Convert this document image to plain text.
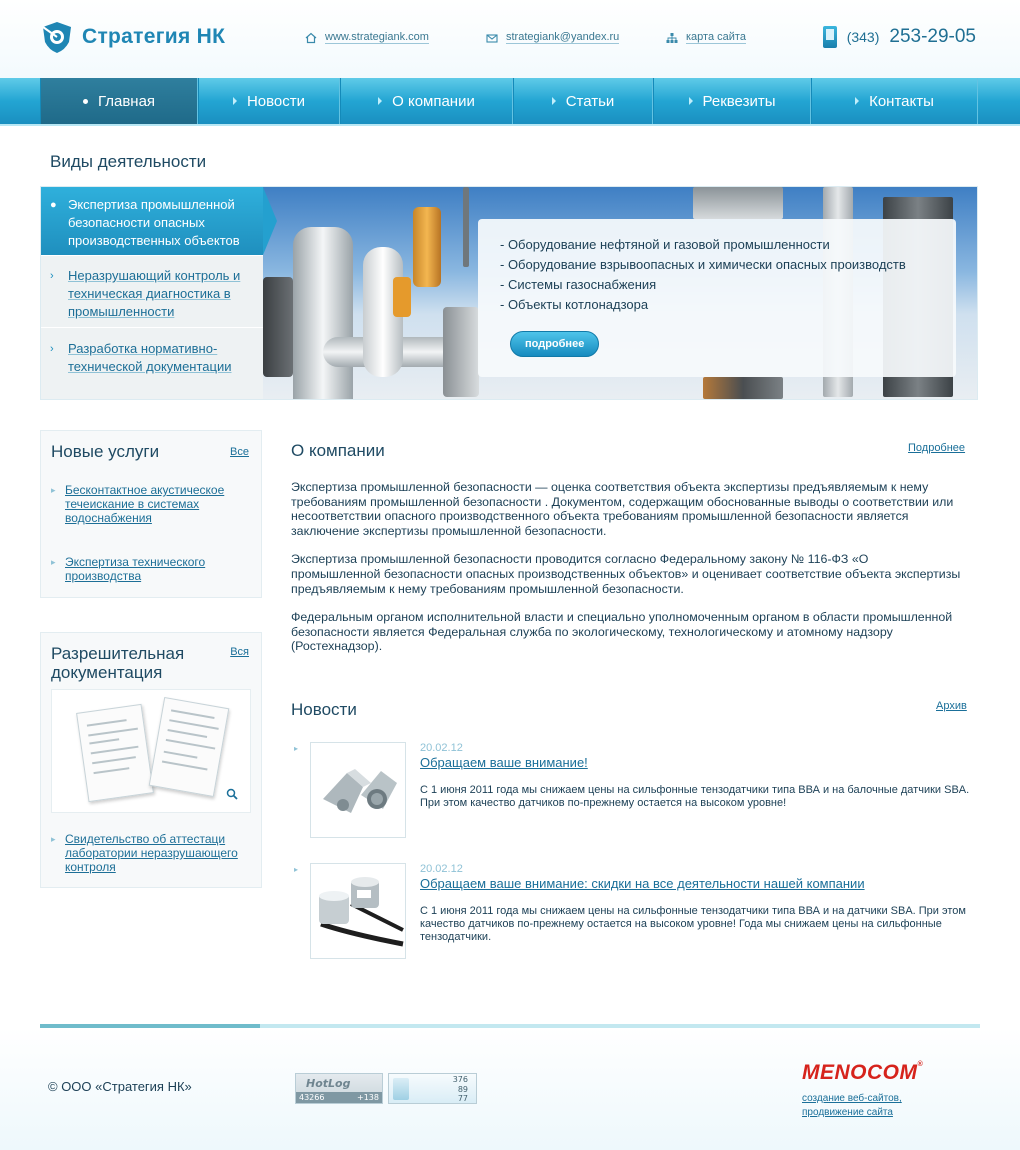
Стратегия НК	www.strategiank.com	strategiank@yandex.ru	карта сайта	(343) 253-29-05
Главная	Новости	О компании	Статьи	Реквезиты	Контакты
Виды деятельности
● Экспертиза промышленной безопасности опасных производственных объектов
› Неразрушающий контроль и техническая диагностика в промышленности
› Разработка нормативно-технической документации
- Оборудование нефтяной и газовой промышленности
- Оборудование взрывоопасных и химически опасных производств
- Системы газоснабжения
- Объекты котлонадзора
подробнее
Новые услуги	Все
▸ Бесконтактное акустическое течеискание в системах водоснабжения
▸ Экспертиза технического производства
Разрешительная
документация
Вся
▸ Свидетельство об аттестаци лаборатории неразрушающего контроля
О компании	Подробнее

Экспертиза промышленной безопасности — оценка соответствия объекта экспертизы предъявляемым к нему требованиям промышленной безопасности . Документом, содержащим обоснованные выводы о соответствии или несоответствии опасного производственного объекта требованиям промышленной безопасности является заключение экспертизы промышленной безопасности.

Экспертиза промышленной безопасности проводится согласно Федеральному закону № 116-ФЗ «О промышленной безопасности опасных производственных объектов» и оценивает соответствие объекта экспертизы предъявляемым к нему требованиям промышленной безопасности.

Федеральным органом исполнительной власти и специально уполномоченным органом в области промышленной безопасности является Федеральная служба по экологическому, технологическому и атомному надзору (Ростехнадзор).

Новости	Архив
▸	20.02.12
Обращаем ваше внимание!
С 1 июня 2011 года мы снижаем цены на сильфонные тензодатчики типа ВВА и на балочные датчики SBA. При этом качество датчиков по-прежнему остается на высоком уровне!
▸	20.02.12
Обращаем ваше внимание: скидки на все деятельности нашей компании
С 1 июня 2011 года мы снижаем цены на сильфонные тензодатчики типа ВВА и на датчики SBA. При этом качество датчиков по-прежнему остается на высоком уровне! Года мы снижаем цены на сильфонные тензодатчики.
© ООО «Стратегия НК»	HotLog
43266	+138
376
89
77
MENOCOM®
создание веб-сайтов,
продвижение сайта
